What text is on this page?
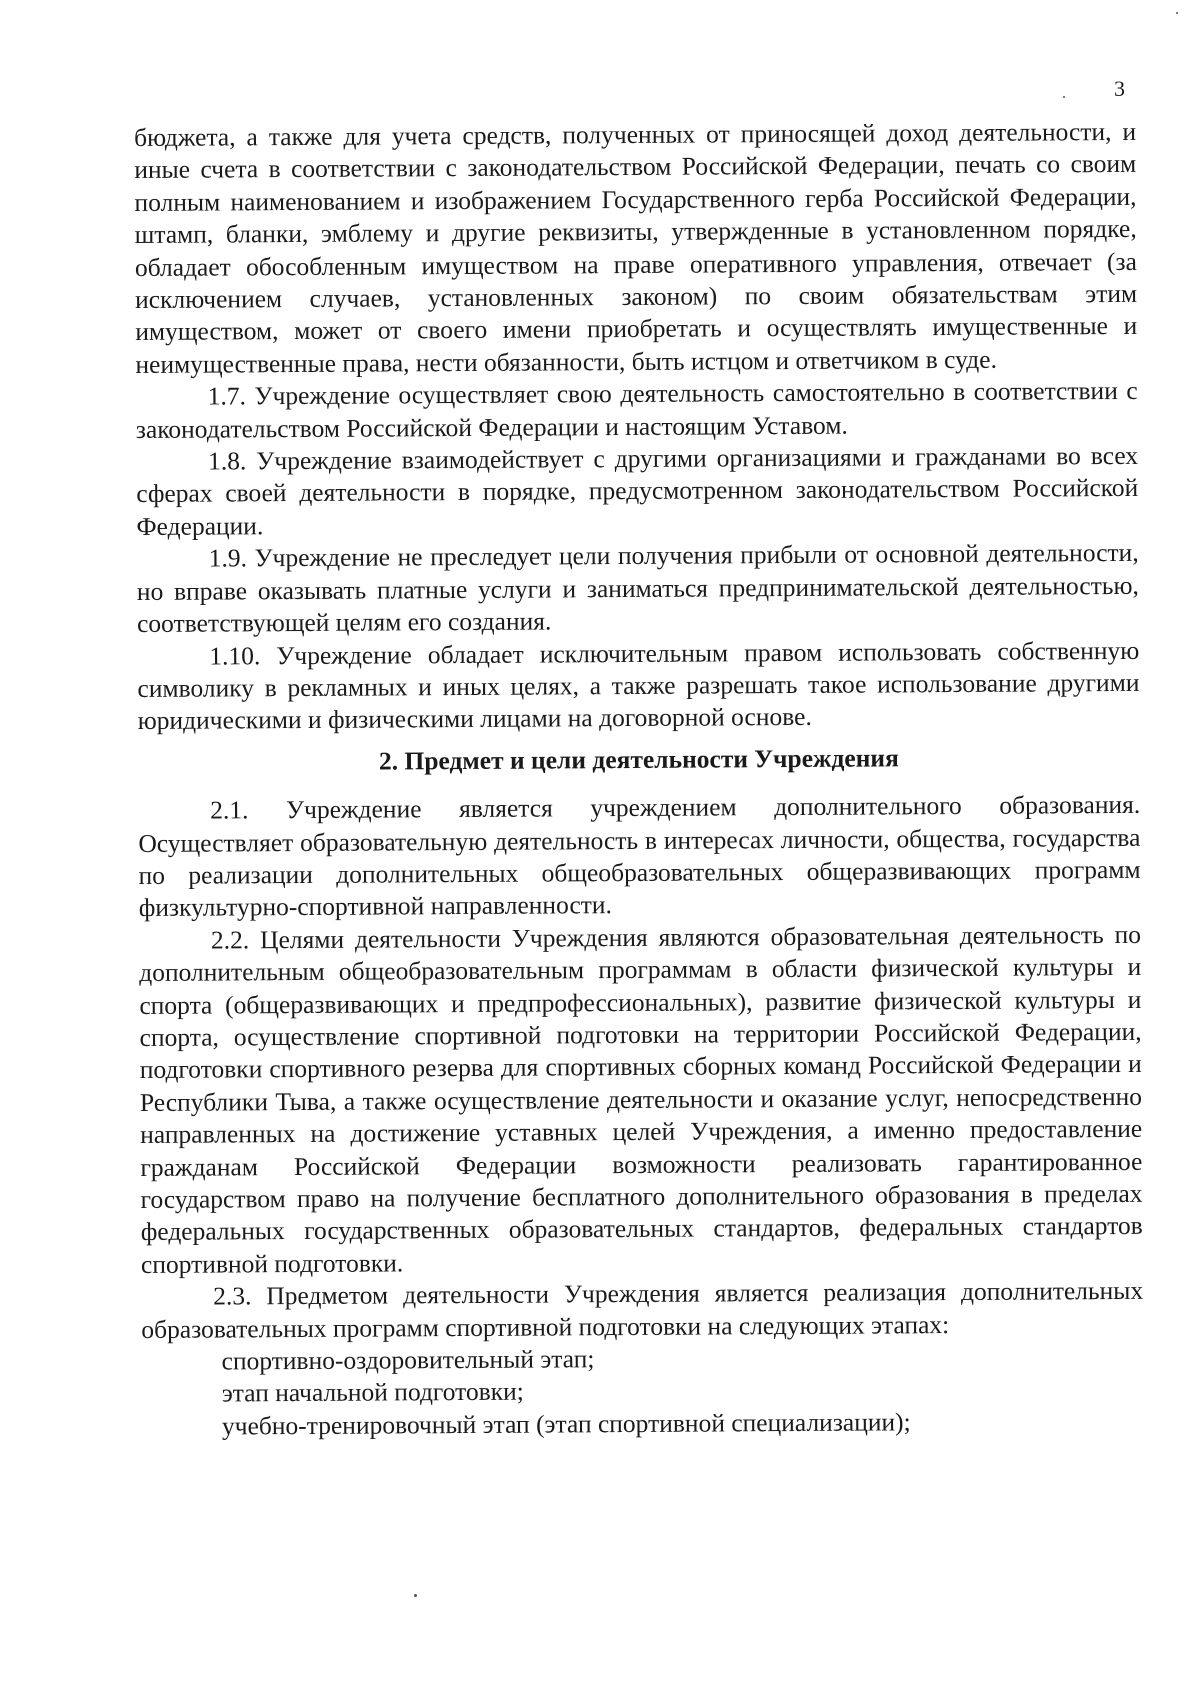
3

бюджета, а также для учета средств, полученных от приносящей доход деятельности, и иные счета в соответствии с законодательством Российской Федерации, печать со своим полным наименованием и изображением Государственного герба Российской Федерации, штамп, бланки, эмблему и другие реквизиты, утвержденные в установленном порядке, обладает обособленным имуществом на праве оперативного управления, отвечает (за исключением случаев, установленных законом) по своим обязательствам этим имуществом, может от своего имени приобретать и осуществлять имущественные и неимущественные права, нести обязанности, быть истцом и ответчиком в суде.

1.7. Учреждение осуществляет свою деятельность самостоятельно в соответствии с законодательством Российской Федерации и настоящим Уставом.

1.8. Учреждение взаимодействует с другими организациями и гражданами во всех сферах своей деятельности в порядке, предусмотренном законодательством Российской Федерации.

1.9. Учреждение не преследует цели получения прибыли от основной деятельности, но вправе оказывать платные услуги и заниматься предпринимательской деятельностью, соответствующей целям его создания.

1.10. Учреждение обладает исключительным правом использовать собственную символику в рекламных и иных целях, а также разрешать такое использование другими юридическими и физическими лицами на договорной основе.

2. Предмет и цели деятельности Учреждения

2.1. Учреждение является учреждением дополнительного образования. Осуществляет образовательную деятельность в интересах личности, общества, государства по реализации дополнительных общеобразовательных общеразвивающих программ физкультурно-спортивной направленности.

2.2. Целями деятельности Учреждения являются образовательная деятельность по дополнительным общеобразовательным программам в области физической культуры и спорта (общеразвивающих и предпрофессиональных), развитие физической культуры и спорта, осуществление спортивной подготовки на территории Российской Федерации, подготовки спортивного резерва для спортивных сборных команд Российской Федерации и Республики Тыва, а также осуществление деятельности и оказание услуг, непосредственно направленных на достижение уставных целей Учреждения, а именно предоставление гражданам Российской Федерации возможности реализовать гарантированное государством право на получение бесплатного дополнительного образования в пределах федеральных государственных образовательных стандартов, федеральных стандартов спортивной подготовки.

2.3. Предметом деятельности Учреждения является реализация дополнительных образовательных программ спортивной подготовки на следующих этапах:

спортивно-оздоровительный этап;

этап начальной подготовки;

учебно-тренировочный этап (этап спортивной специализации);
